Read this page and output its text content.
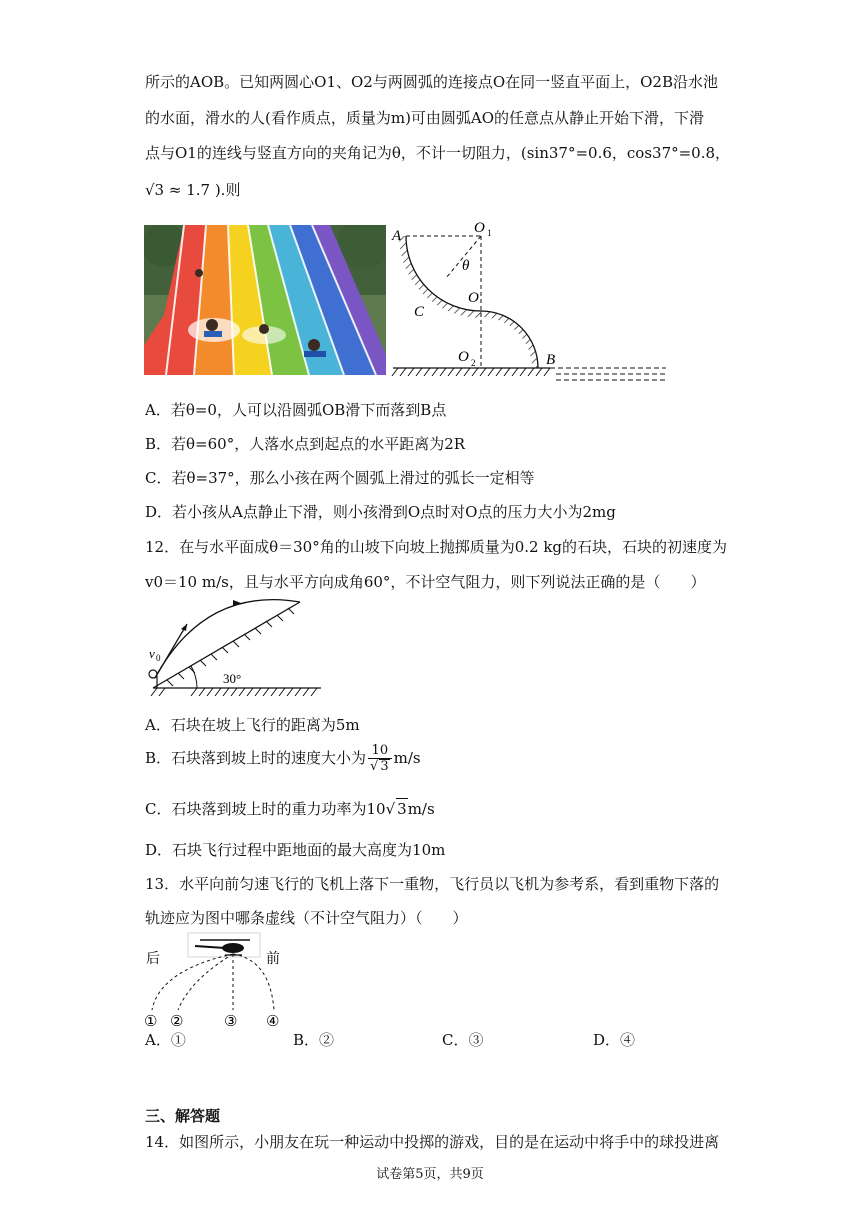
所示的AOB。已知两圆心O1、O2与两圆弧的连接点O在同一竖直平面上，O2B沿水池
的水面，滑水的人(看作质点，质量为m)可由圆弧AO的任意点从静止开始下滑，下滑
点与O1的连线与竖直方向的夹角记为θ，不计一切阻力，(sin37°=0.6，cos37°=0.8，
√3 ≈ 1.7 ).则
A	O 1
θ
O
C
O 2	B
A．若θ=0，人可以沿圆弧OB滑下而落到B点
B．若θ=60°，人落水点到起点的水平距离为2R
C．若θ=37°，那么小孩在两个圆弧上滑过的弧长一定相等
D．若小孩从A点静止下滑，则小孩滑到O点时对O点的压力大小为2mg
12．在与水平面成θ＝30°角的山坡下向坡上抛掷质量为0.2 kg的石块，石块的初速度为
v0＝10 m/s，且与水平方向成角60°，不计空气阻力，则下列说法正确的是（　　）
v 0
30°
A．石块在坡上飞行的距离为5m
B．石块落到坡上时的速度大小为 $\frac{10}{√ 3} m/s$
C．石块落到坡上时的重力功率为10√ 3m/s
D．石块飞行过程中距地面的最大高度为10m
13．水平向前匀速飞行的飞机上落下一重物，飞行员以飞机为参考系，看到重物下落的
轨迹应为图中哪条虚线（不计空气阻力）（　　）
后	前
① ②	③ ④
A．①	B．②	C．③	D．④
三、解答题
14．如图所示，小朋友在玩一种运动中投掷的游戏，目的是在运动中将手中的球投进离
试卷第5页，共9页
